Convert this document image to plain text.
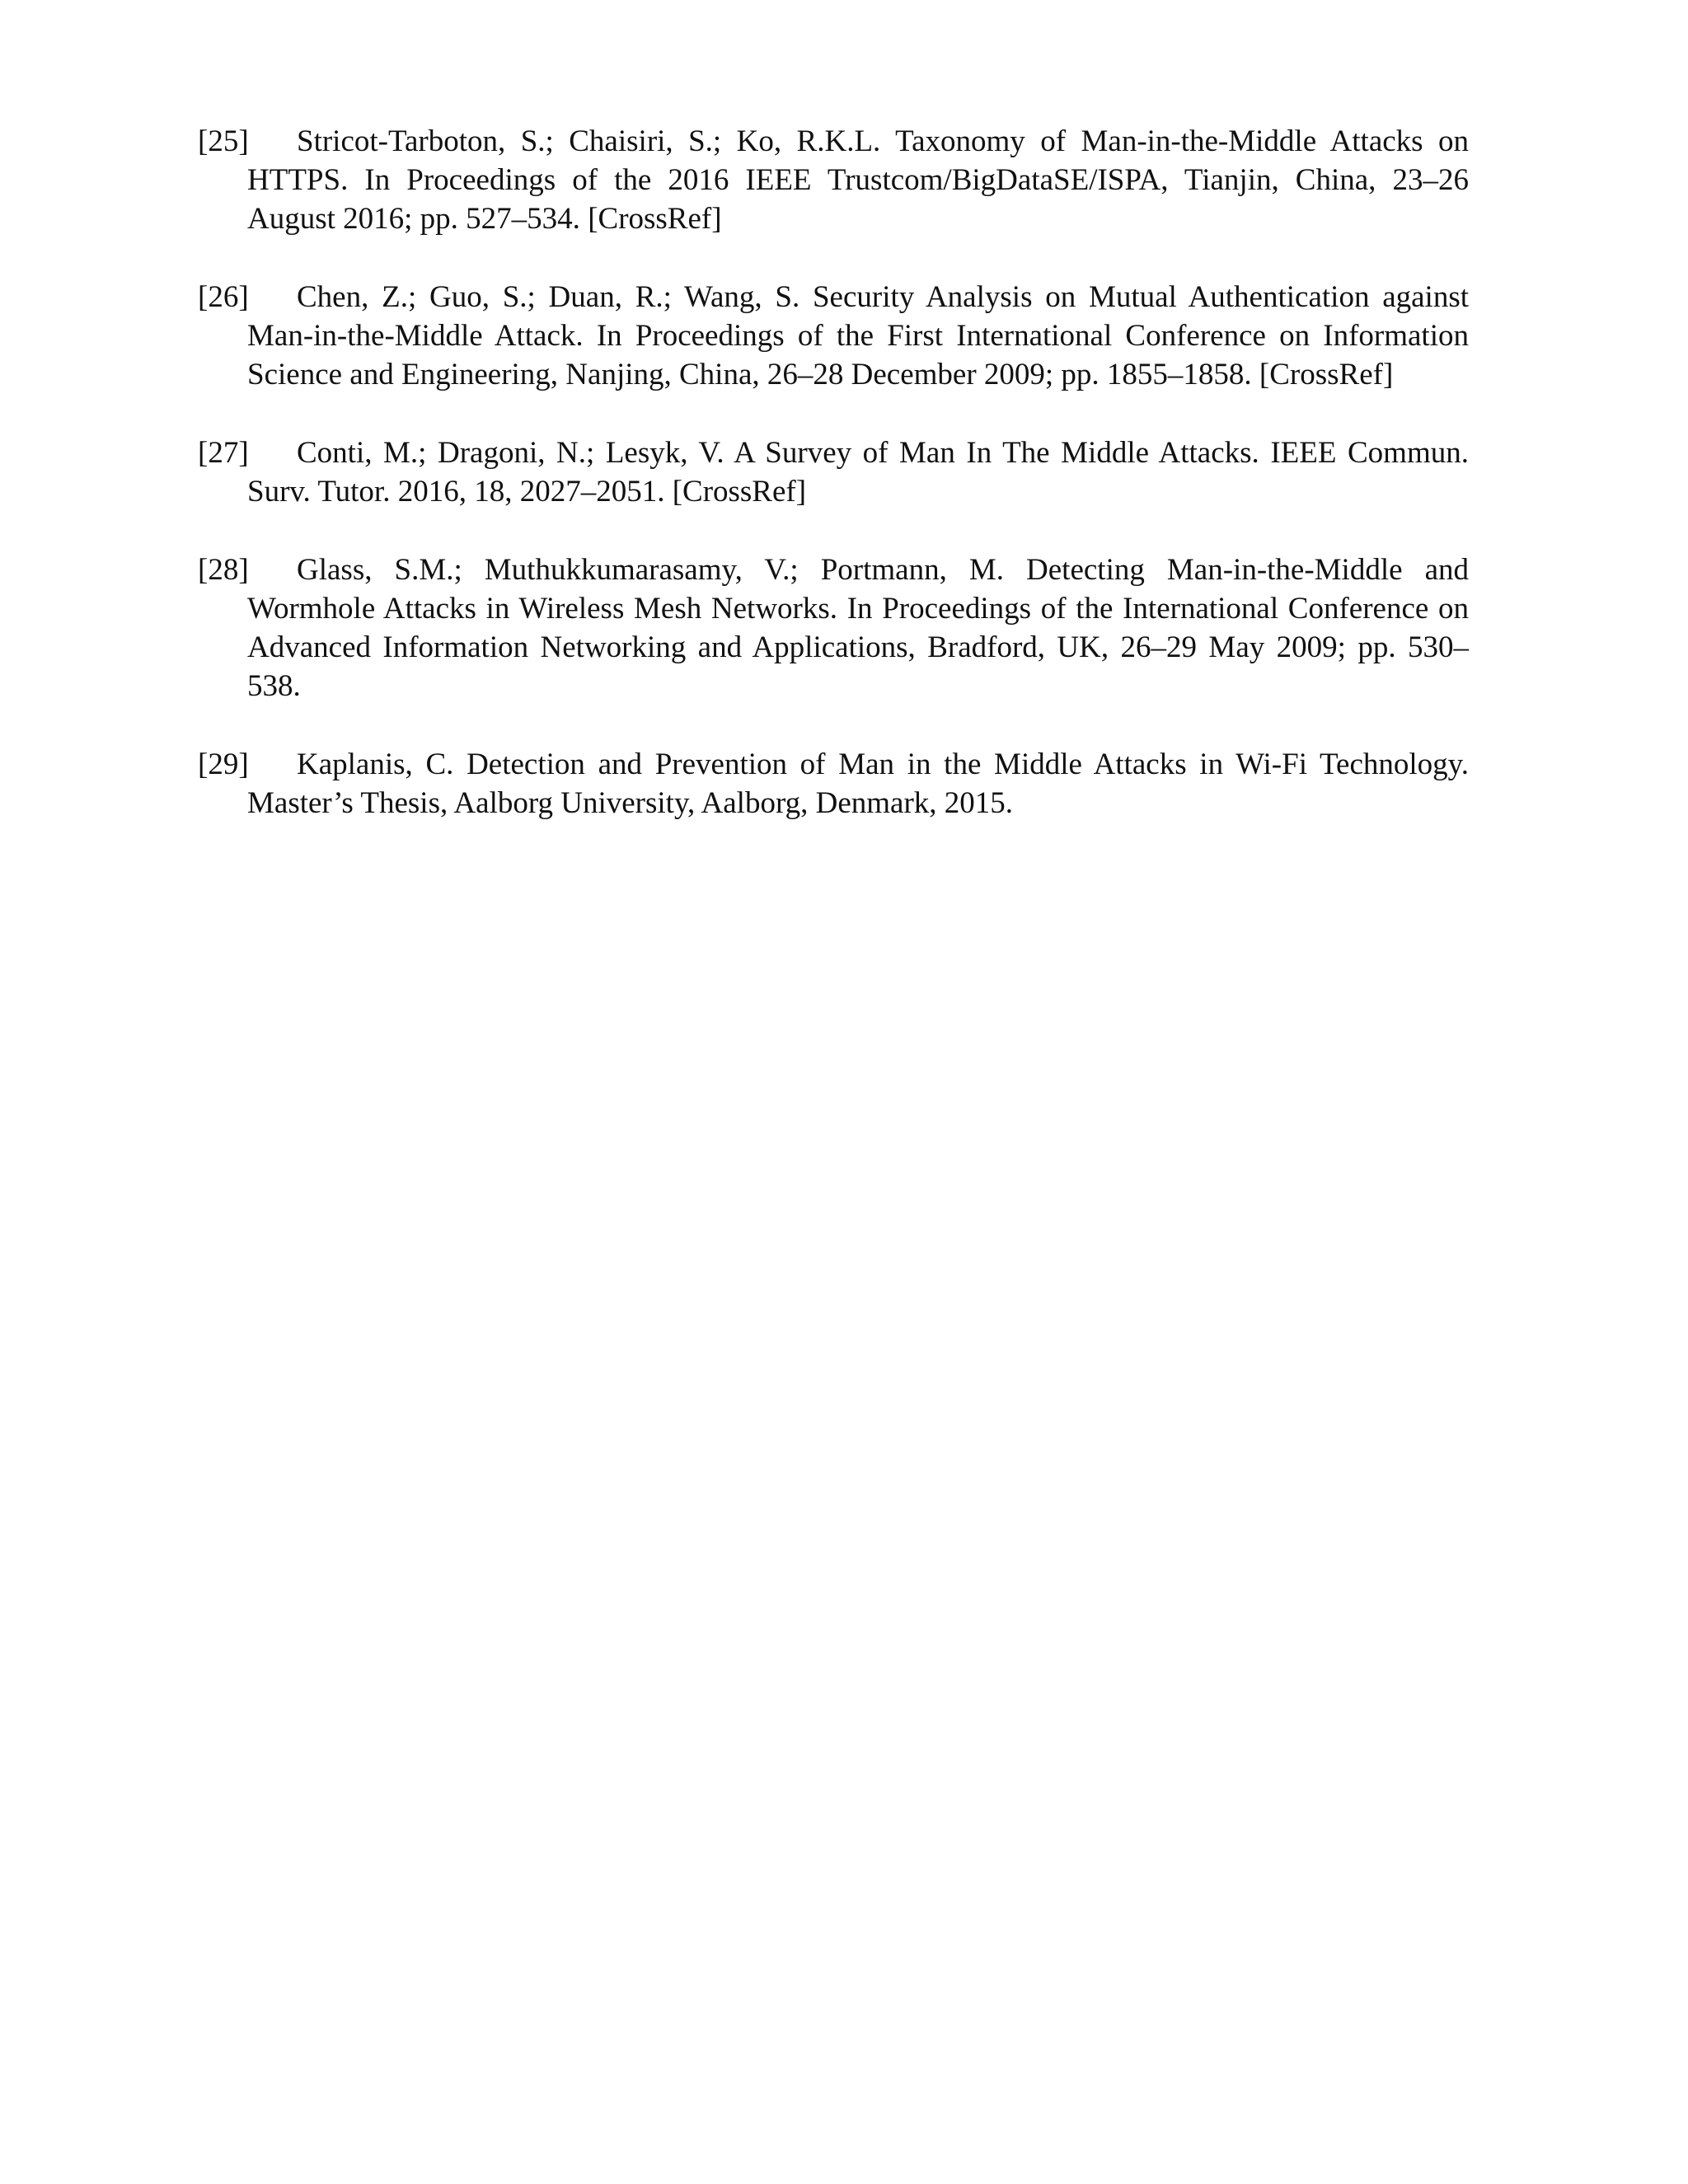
[25] Stricot-Tarboton, S.; Chaisiri, S.; Ko, R.K.L. Taxonomy of Man-in-the-Middle Attacks on HTTPS. In Proceedings of the 2016 IEEE Trustcom/BigDataSE/ISPA, Tianjin, China, 23–26 August 2016; pp. 527–534. [CrossRef]
[26] Chen, Z.; Guo, S.; Duan, R.; Wang, S. Security Analysis on Mutual Authentication against Man-in-the-Middle Attack. In Proceedings of the First International Conference on Information Science and Engineering, Nanjing, China, 26–28 December 2009; pp. 1855–1858. [CrossRef]
[27] Conti, M.; Dragoni, N.; Lesyk, V. A Survey of Man In The Middle Attacks. IEEE Commun. Surv. Tutor. 2016, 18, 2027–2051. [CrossRef]
[28] Glass, S.M.; Muthukkumarasamy, V.; Portmann, M. Detecting Man-in-the-Middle and Wormhole Attacks in Wireless Mesh Networks. In Proceedings of the International Conference on Advanced Information Networking and Applications, Bradford, UK, 26–29 May 2009; pp. 530–538.
[29] Kaplanis, C. Detection and Prevention of Man in the Middle Attacks in Wi-Fi Technology. Master’s Thesis, Aalborg University, Aalborg, Denmark, 2015.
